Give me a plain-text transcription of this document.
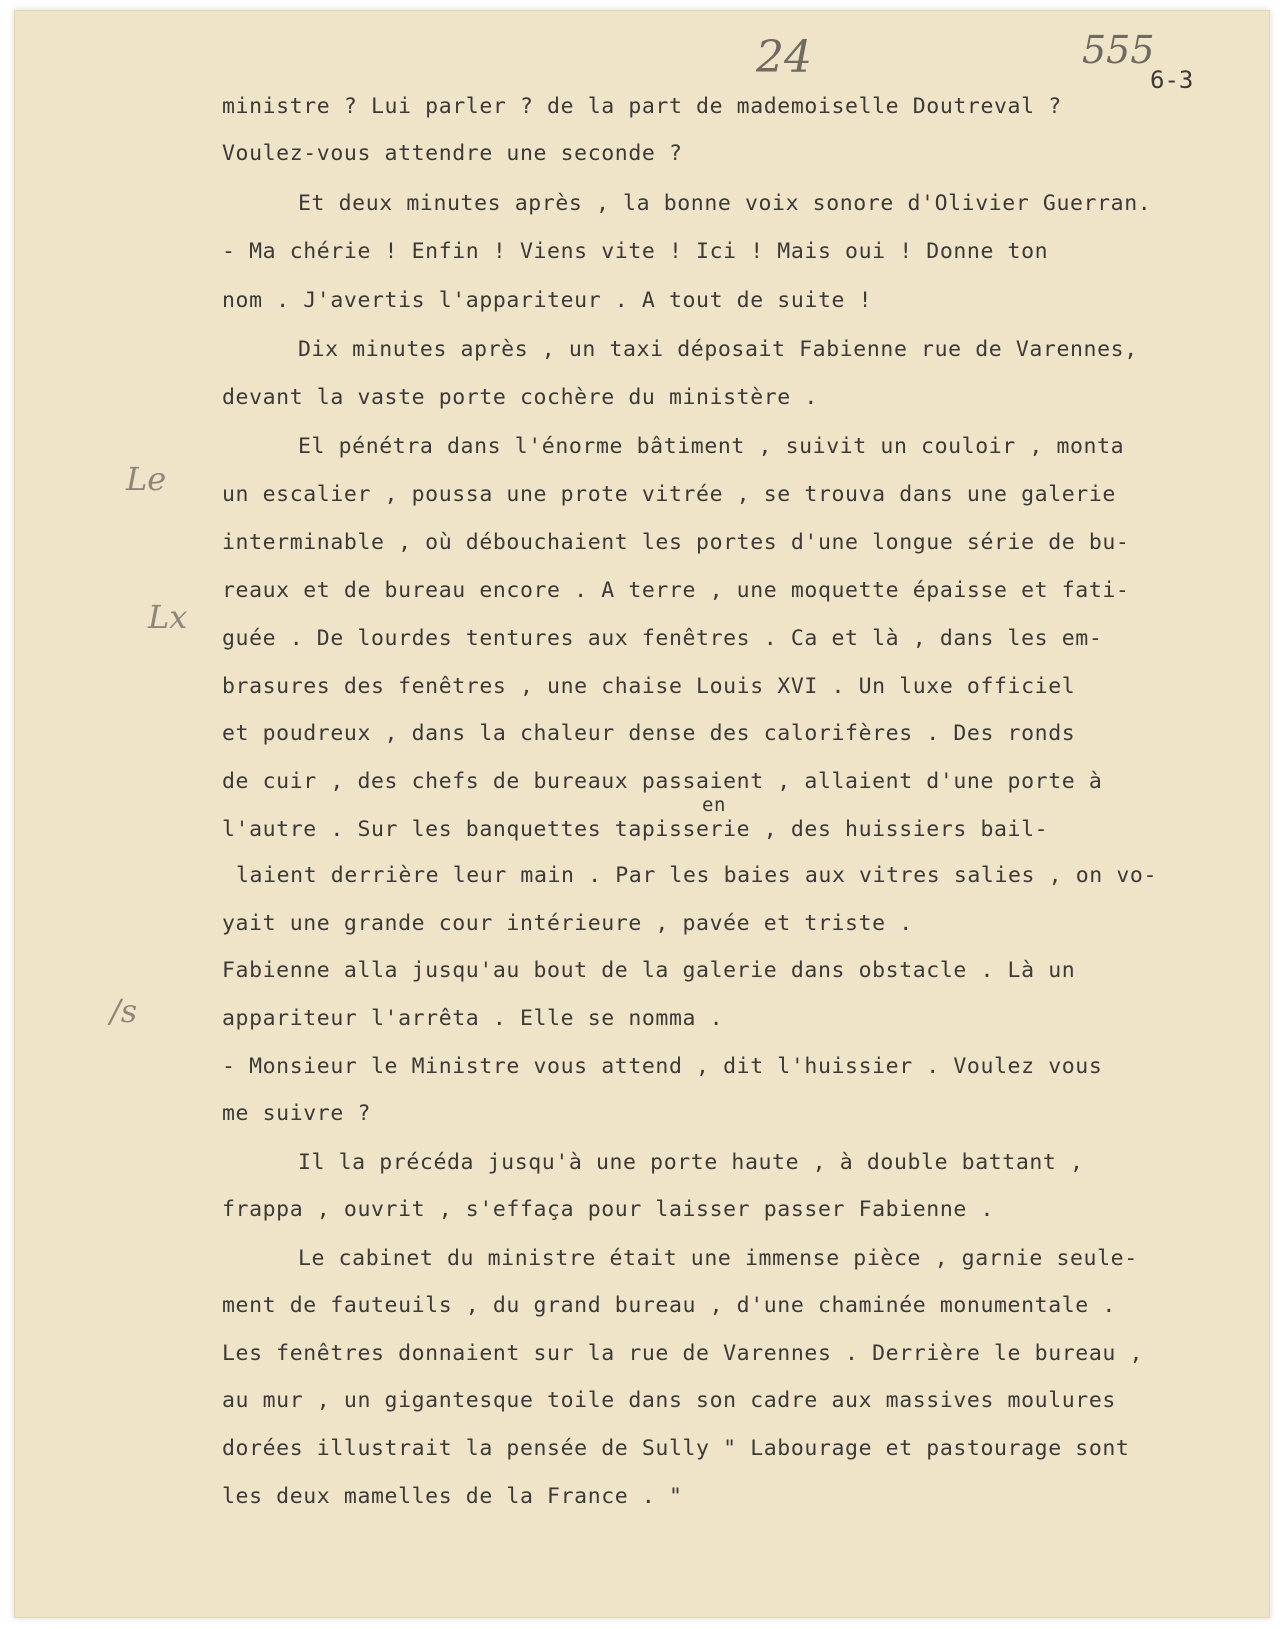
24	555
6-3
Le
Lx
/s
ministre ? Lui parler ? de la part de mademoiselle Doutreval ?
Voulez-vous attendre une seconde ?
Et deux minutes après , la bonne voix sonore d'Olivier Guerran.
- Ma chérie ! Enfin ! Viens vite ! Ici ! Mais oui ! Donne ton
nom . J'avertis l'appariteur . A tout de suite !
Dix minutes après , un taxi déposait Fabienne rue de Varennes,
devant la vaste porte cochère du ministère .
El pénétra dans l'énorme bâtiment , suivit un couloir , monta
un escalier , poussa une prote vitrée , se trouva dans une galerie
interminable , où débouchaient les portes d'une longue série de bu-
reaux et de bureau encore . A terre , une moquette épaisse et fati-
guée . De lourdes tentures aux fenêtres . Ca et là , dans les em-
brasures des fenêtres , une chaise Louis XVI . Un luxe officiel
et poudreux , dans la chaleur dense des calorifères . Des ronds
de cuir , des chefs de bureaux passaient , allaient d'une porte à
en
l'autre . Sur les banquettes tapisserie , des huissiers bail-
laient derrière leur main . Par les baies aux vitres salies , on vo-
yait une grande cour intérieure , pavée et triste .
Fabienne alla jusqu'au bout de la galerie dans obstacle . Là un
appariteur l'arrêta . Elle se nomma .
- Monsieur le Ministre vous attend , dit l'huissier . Voulez vous
me suivre ?
Il la précéda jusqu'à une porte haute , à double battant ,
frappa , ouvrit , s'effaça pour laisser passer Fabienne .
Le cabinet du ministre était une immense pièce , garnie seule-
ment de fauteuils , du grand bureau , d'une chaminée monumentale .
Les fenêtres donnaient sur la rue de Varennes . Derrière le bureau ,
au mur , un gigantesque toile dans son cadre aux massives moulures
dorées illustrait la pensée de Sully " Labourage et pastourage sont
les deux mamelles de la France . "
